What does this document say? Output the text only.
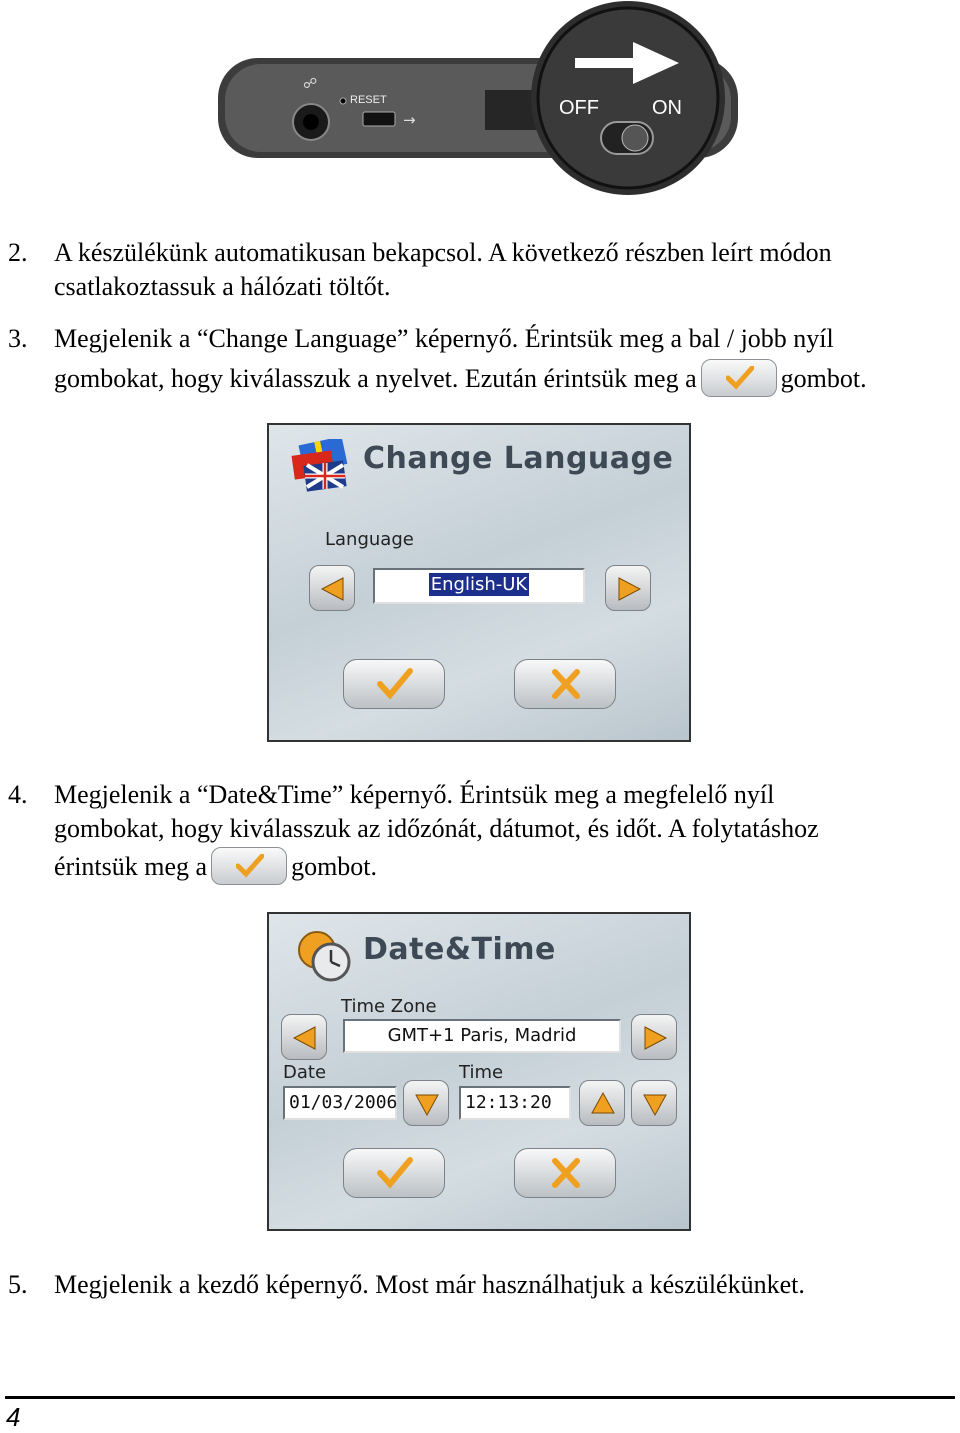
☍
RESET
→
OFF	ON
2. A készülékünk automatikusan bekapcsol. A következő részben leírt módon
csatlakoztassuk a hálózati töltőt.
3. Megjelenik a “Change Language” képernyő. Érintsük meg a bal / jobb nyíl
gombokat, hogy kiválasszuk a nyelvet. Ezután érintsük meg a	gombot.
Change Language
Language
English-UK
4. Megjelenik a “Date&Time” képernyő. Érintsük meg a megfelelő nyíl
gombokat, hogy kiválasszuk az időzónát, dátumot, és időt. A folytatáshoz
érintsük meg a	gombot.
Date&Time
Time Zone
GMT+1 Paris, Madrid
Date	Time
01/03/2006	12:13:20
5. Megjelenik a kezdő képernyő. Most már használhatjuk a készülékünket.
4
